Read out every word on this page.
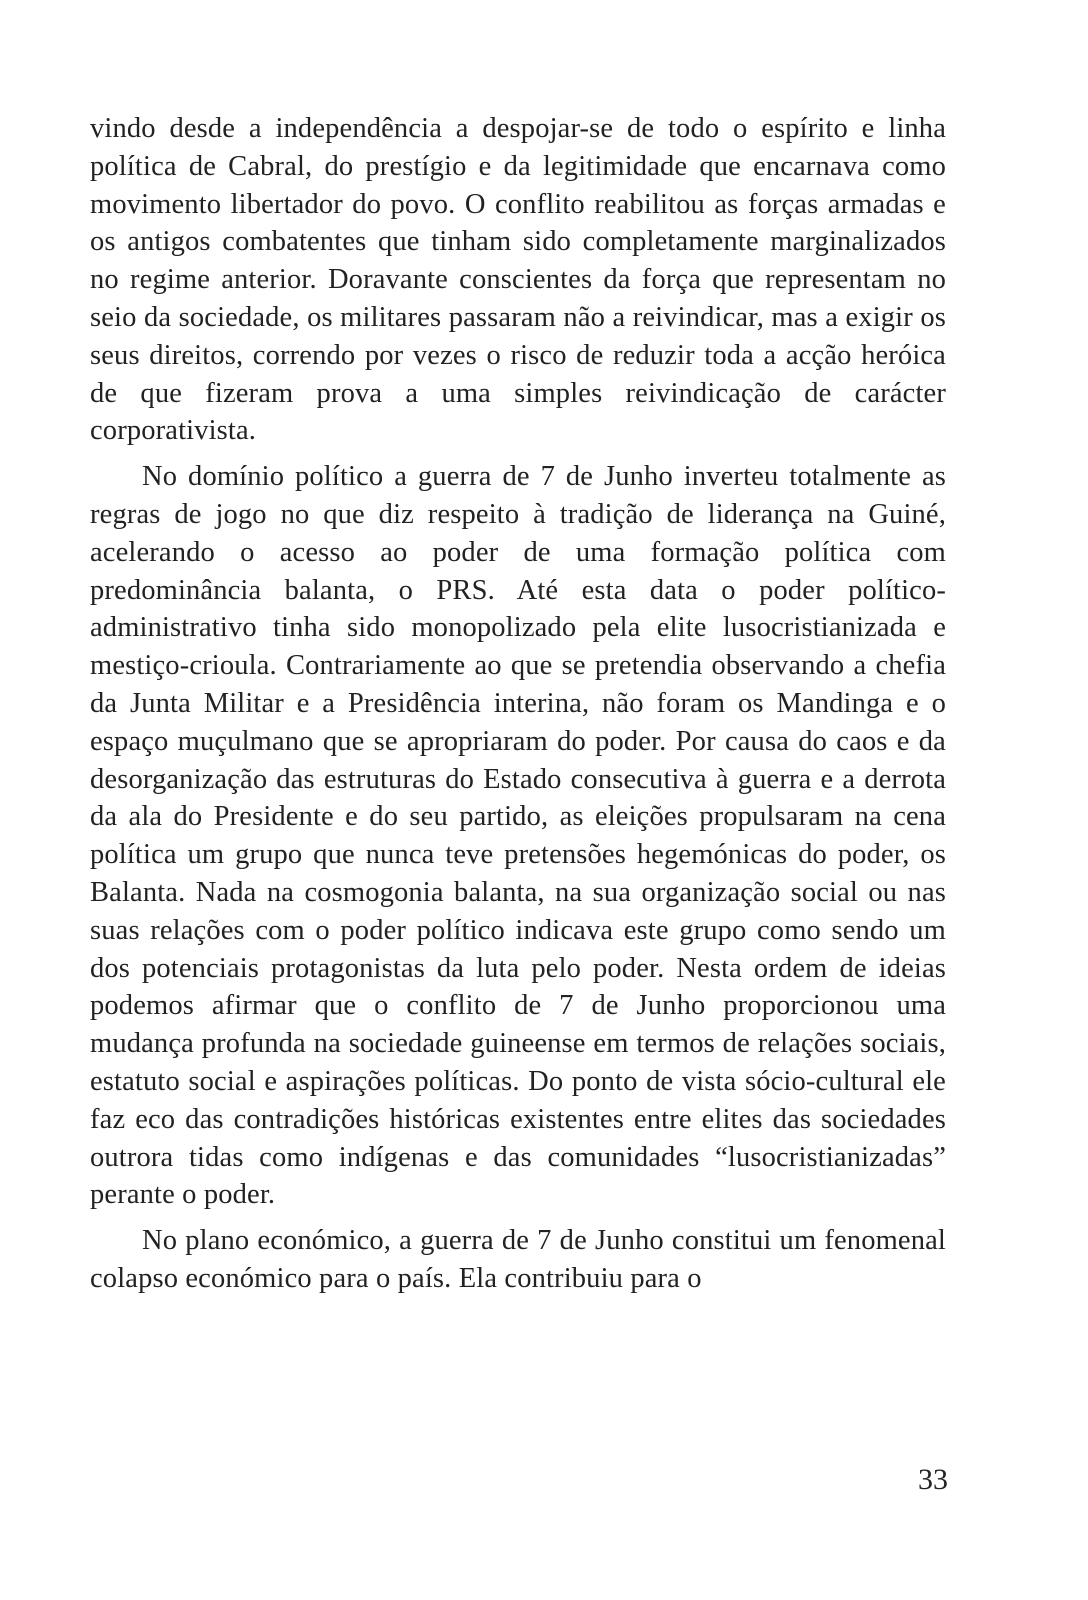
vindo desde a independência a despojar-se de todo o espírito e linha política de Cabral, do prestígio e da legitimidade que encarnava como movimento libertador do povo. O conflito reabilitou as forças armadas e os antigos combatentes que tinham sido completamente marginalizados no regime anterior. Doravante conscientes da força que representam no seio da sociedade, os militares passaram não a reivindicar, mas a exigir os seus direitos, correndo por vezes o risco de reduzir toda a acção heróica de que fizeram prova a uma simples reivindicação de carácter corporativista.

No domínio político a guerra de 7 de Junho inverteu totalmente as regras de jogo no que diz respeito à tradição de liderança na Guiné, acelerando o acesso ao poder de uma formação política com predominância balanta, o PRS. Até esta data o poder político-administrativo tinha sido monopolizado pela elite lusocristianizada e mestiço-crioula. Contrariamente ao que se pretendia observando a chefia da Junta Militar e a Presidência interina, não foram os Mandinga e o espaço muçulmano que se apropriaram do poder. Por causa do caos e da desorganização das estruturas do Estado consecutiva à guerra e a derrota da ala do Presidente e do seu partido, as eleições propulsaram na cena política um grupo que nunca teve pretensões hegemónicas do poder, os Balanta. Nada na cosmogonia balanta, na sua organização social ou nas suas relações com o poder político indicava este grupo como sendo um dos potenciais protagonistas da luta pelo poder. Nesta ordem de ideias podemos afirmar que o conflito de 7 de Junho proporcionou uma mudança profunda na sociedade guineense em termos de relações sociais, estatuto social e aspirações políticas. Do ponto de vista sócio-cultural ele faz eco das contradições históricas existentes entre elites das sociedades outrora tidas como indígenas e das comunidades “lusocristianizadas” perante o poder.

No plano económico, a guerra de 7 de Junho constitui um fenomenal colapso económico para o país. Ela contribuiu para o

33
